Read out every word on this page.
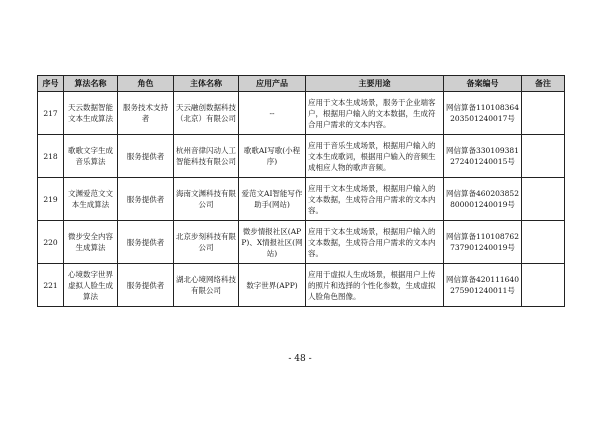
序号	算法名称	角色	主体名称	应用产品	主要用途	备案编号	备注
217	天云数据智能文本生成算法	服务技术支持者	天云融创数据科技（北京）有限公司	--	应用于文本生成场景，服务于企业端客户，根据用户输入的文本数据，生成符合用户需求的文本内容。	网信算备110108364203501240017号	
218	歌歌文字生成音乐算法	服务提供者	杭州音律闪动人工智能科技有限公司	歌歌AI写歌(小程序)	应用于音乐生成场景，根据用户输入的文本生成歌词，根据用户输入的音频生成相应人物的歌声音频。	网信算备330109381272401240015号	
219	文渊爱范文文本生成算法	服务提供者	海南文渊科技有限公司	爱范文AI智能写作助手(网站)	应用于文本生成场景，根据用户输入的文本数据，生成符合用户需求的文本内容。	网信算备460203852800001240019号	
220	微步安全内容生成算法	服务提供者	北京步刻科技有限公司	微步情报社区(APP)、X情报社区(网站)	应用于文本生成场景，根据用户输入的文本数据，生成符合用户需求的文本内容。	网信算备110108762737901240019号	
221	心境数字世界虚拟人脸生成算法	服务提供者	湖北心境网络科技有限公司	数字世界(APP)	应用于虚拟人生成场景，根据用户上传的照片和选择的个性化参数，生成虚拟人脸角色图像。	网信算备420111640275901240011号	
- 48 -
